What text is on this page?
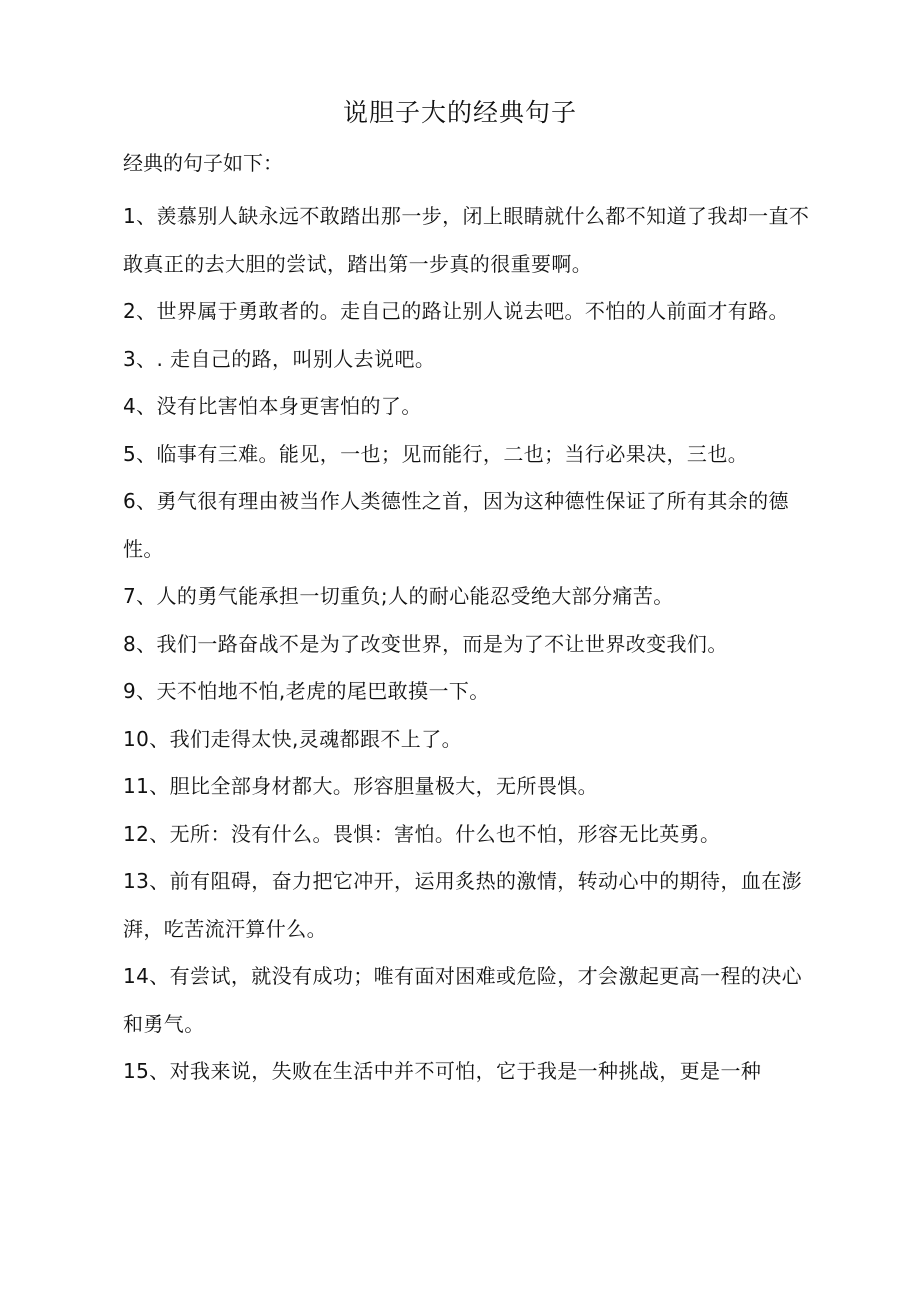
说胆子大的经典句子
经典的句子如下：
1、羡慕别人缺永远不敢踏出那一步，闭上眼睛就什么都不知道了我却一直不敢真正的去大胆的尝试，踏出第一步真的很重要啊。
2、世界属于勇敢者的。走自己的路让别人说去吧。不怕的人前面才有路。
3、. 走自己的路，叫别人去说吧。
4、没有比害怕本身更害怕的了。
5、临事有三难。能见，一也；见而能行，二也；当行必果决，三也。
6、勇气很有理由被当作人类德性之首，因为这种德性保证了所有其余的德性。
7、人的勇气能承担一切重负;人的耐心能忍受绝大部分痛苦。
8、我们一路奋战不是为了改变世界，而是为了不让世界改变我们。
9、天不怕地不怕,老虎的尾巴敢摸一下。
10、我们走得太快,灵魂都跟不上了。
11、胆比全部身材都大。形容胆量极大，无所畏惧。
12、无所：没有什么。畏惧：害怕。什么也不怕，形容无比英勇。
13、前有阻碍，奋力把它冲开，运用炙热的激情，转动心中的期待，血在澎湃，吃苦流汗算什么。
14、有尝试，就没有成功；唯有面对困难或危险，才会激起更高一程的决心和勇气。
15、对我来说，失败在生活中并不可怕，它于我是一种挑战，更是一种
